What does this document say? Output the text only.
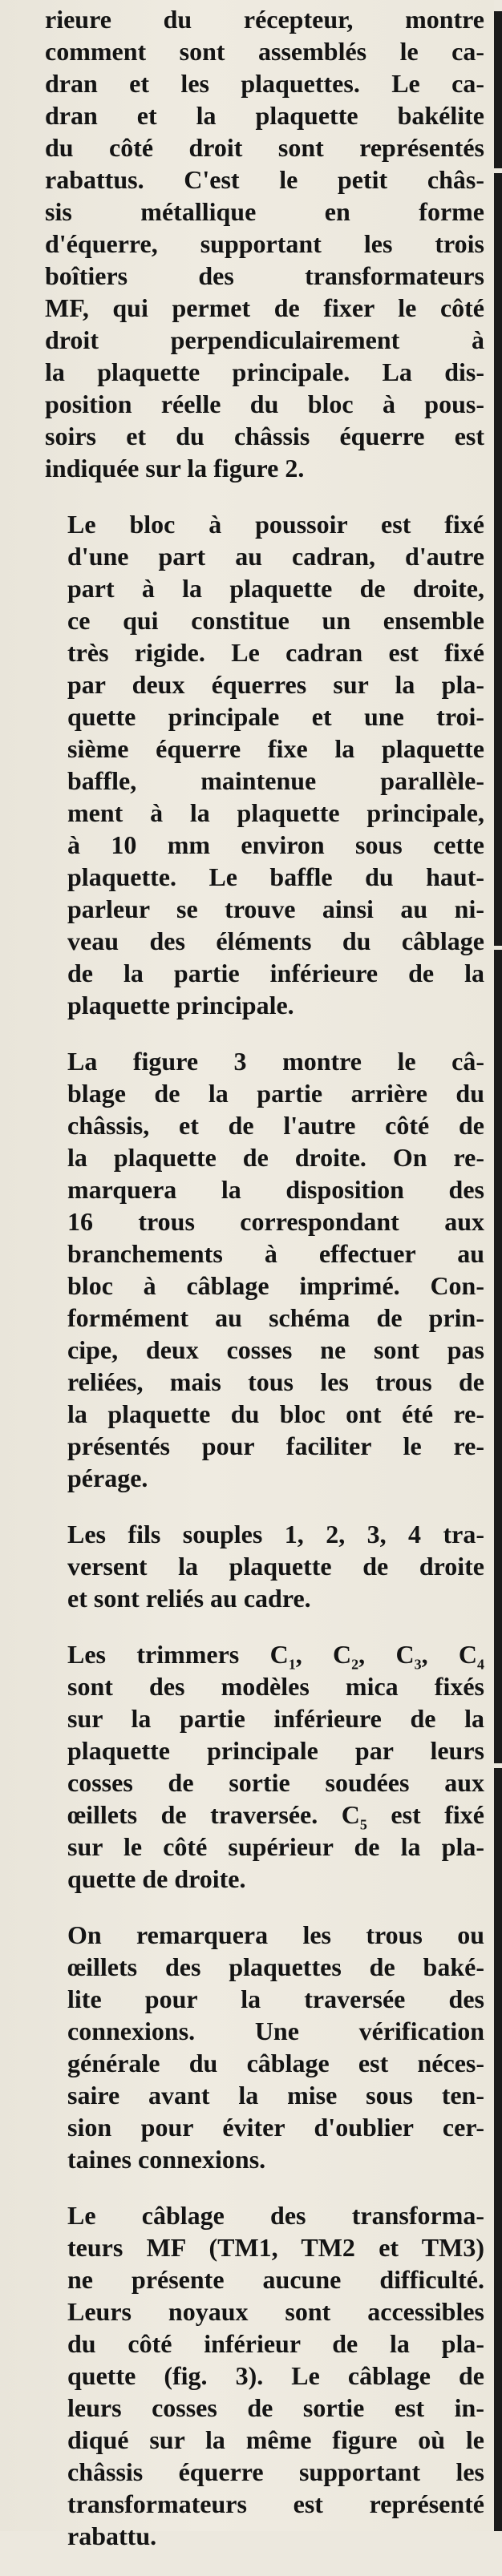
rieure du récepteur, montre
comment sont assemblés le ca-
dran et les plaquettes. Le ca-
dran et la plaquette bakélite
du côté droit sont représentés
rabattus. C'est le petit châs-
sis métallique en forme
d'équerre, supportant les trois
boîtiers des transformateurs
MF, qui permet de fixer le côté
droit perpendiculairement à
la plaquette principale. La dis-
position réelle du bloc à pous-
soirs et du châssis équerre est
indiquée sur la figure 2.
Le bloc à poussoir est fixé
d'une part au cadran, d'autre
part à la plaquette de droite,
ce qui constitue un ensemble
très rigide. Le cadran est fixé
par deux équerres sur la pla-
quette principale et une troi-
sième équerre fixe la plaquette
baffle, maintenue parallèle-
ment à la plaquette principale,
à 10 mm environ sous cette
plaquette. Le baffle du haut-
parleur se trouve ainsi au ni-
veau des éléments du câblage
de la partie inférieure de la
plaquette principale.
La figure 3 montre le câ-
blage de la partie arrière du
châssis, et de l'autre côté de
la plaquette de droite. On re-
marquera la disposition des
16 trous correspondant aux
branchements à effectuer au
bloc à câblage imprimé. Con-
formément au schéma de prin-
cipe, deux cosses ne sont pas
reliées, mais tous les trous de
la plaquette du bloc ont été re-
présentés pour faciliter le re-
pérage.
Les fils souples 1, 2, 3, 4 tra-
versent la plaquette de droite
et sont reliés au cadre.
Les trimmers $C_1$, $C_2$, $C_3$, $C_4$
sont des modèles mica fixés
sur la partie inférieure de la
plaquette principale par leurs
cosses de sortie soudées aux
œillets de traversée. $C_5$ est fixé
sur le côté supérieur de la pla-
quette de droite.
On remarquera les trous ou
œillets des plaquettes de baké-
lite pour la traversée des
connexions. Une vérification
générale du câblage est néces-
saire avant la mise sous ten-
sion pour éviter d'oublier cer-
taines connexions.
Le câblage des transforma-
teurs MF (TM1, TM2 et TM3)
ne présente aucune difficulté.
Leurs noyaux sont accessibles
du côté inférieur de la pla-
quette (fig. 3). Le câblage de
leurs cosses de sortie est in-
diqué sur la même figure où le
châssis équerre supportant les
transformateurs est représenté
rabattu.
